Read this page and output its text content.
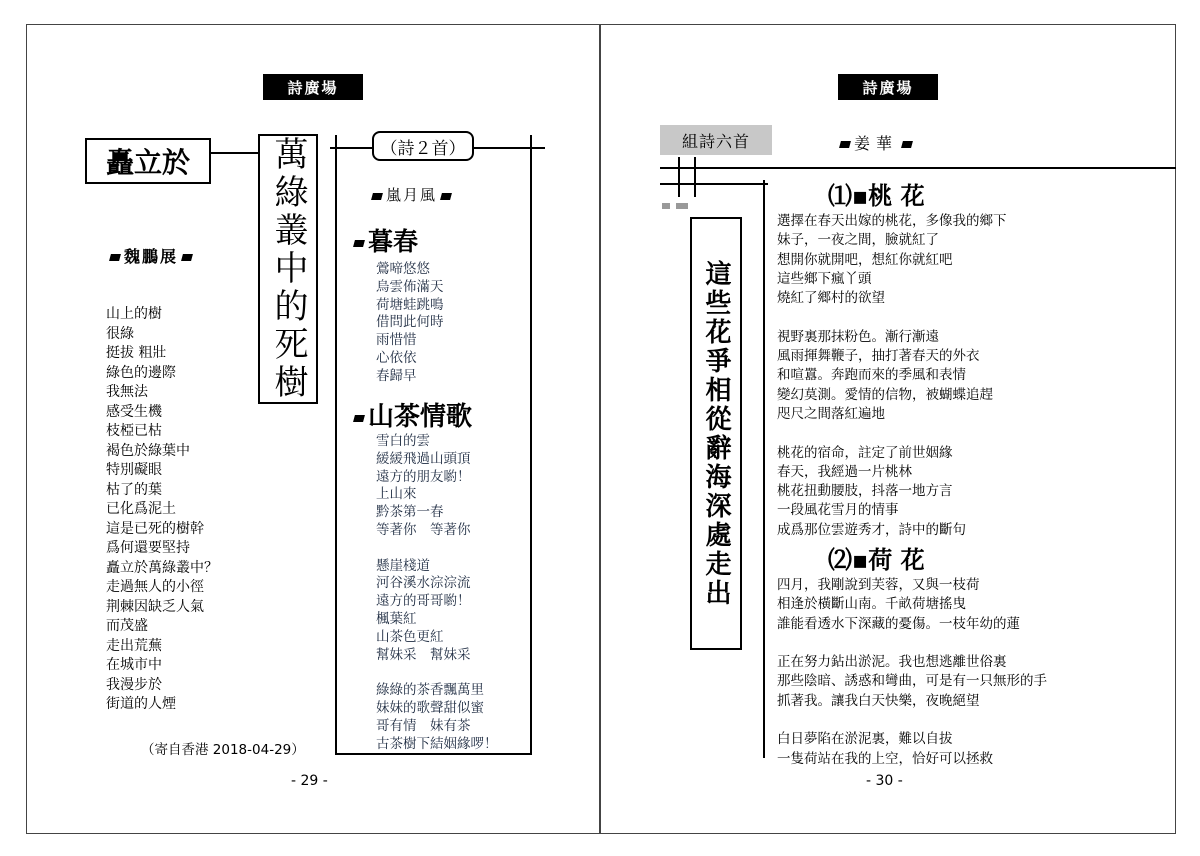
詩廣場
矗立於 萬綠叢中的死樹
魏鵬展
山上的樹
很綠
挺拔 粗壯
綠色的邊際
我無法
感受生機
枝椏已枯
褐色於綠葉中
特別礙眼
枯了的葉
已化爲泥土
這是已死的樹幹
爲何還要堅持
矗立於萬綠叢中？
走過無人的小徑
荆棘因缺乏人氣
而茂盛
走出荒蕪
在城市中
我漫步於
街道的人煙
（寄自香港 2018-04-29）
（詩２首）
嵐月風
暮春
鶯啼悠悠
烏雲佈滿天
荷塘蛙跳鳴
借問此何時
雨惜惜
心依依
春歸早
山茶情歌
雪白的雲
緩緩飛過山頭頂
遠方的朋友喲！
上山來
黔茶第一春
等著你　等著你

懸崖棧道
河谷溪水淙淙流
遠方的哥哥喲！
楓葉紅
山茶色更紅
幫妹采　幫妹采

綠綠的茶香飄萬里
妹妹的歌聲甜似蜜
哥有情　妹有茶
古茶樹下結姻緣啰！
- 29 -
詩廣場
組詩六首	姜華
這些花爭相從辭海深處走出
⑴▪桃 花
選擇在春天出嫁的桃花，多像我的鄉下
妹子，一夜之間，臉就紅了
想開你就開吧，想紅你就紅吧
這些鄉下瘋丫頭
燒紅了鄉村的欲望

視野裏那抹粉色。漸行漸遠
風雨揮舞鞭子，抽打著春天的外衣
和喧囂。奔跑而來的季風和表情
變幻莫測。愛情的信物，被蝴蝶追趕
咫尺之間落紅遍地

桃花的宿命，註定了前世姻緣
春天，我經過一片桃林
桃花扭動腰肢，抖落一地方言
一段風花雪月的情事
成爲那位雲遊秀才，詩中的斷句
⑵▪荷 花
四月，我剛說到芙蓉，又與一枝荷
相逢於橫斷山南。千畝荷塘搖曳
誰能看透水下深藏的憂傷。一枝年幼的蓮

正在努力鉆出淤泥。我也想逃離世俗裏
那些陰暗、誘惑和彎曲，可是有一只無形的手
抓著我。讓我白天快樂，夜晚絕望

白日夢陷在淤泥裏，難以自拔
一隻荷站在我的上空，恰好可以拯救
- 30 -
